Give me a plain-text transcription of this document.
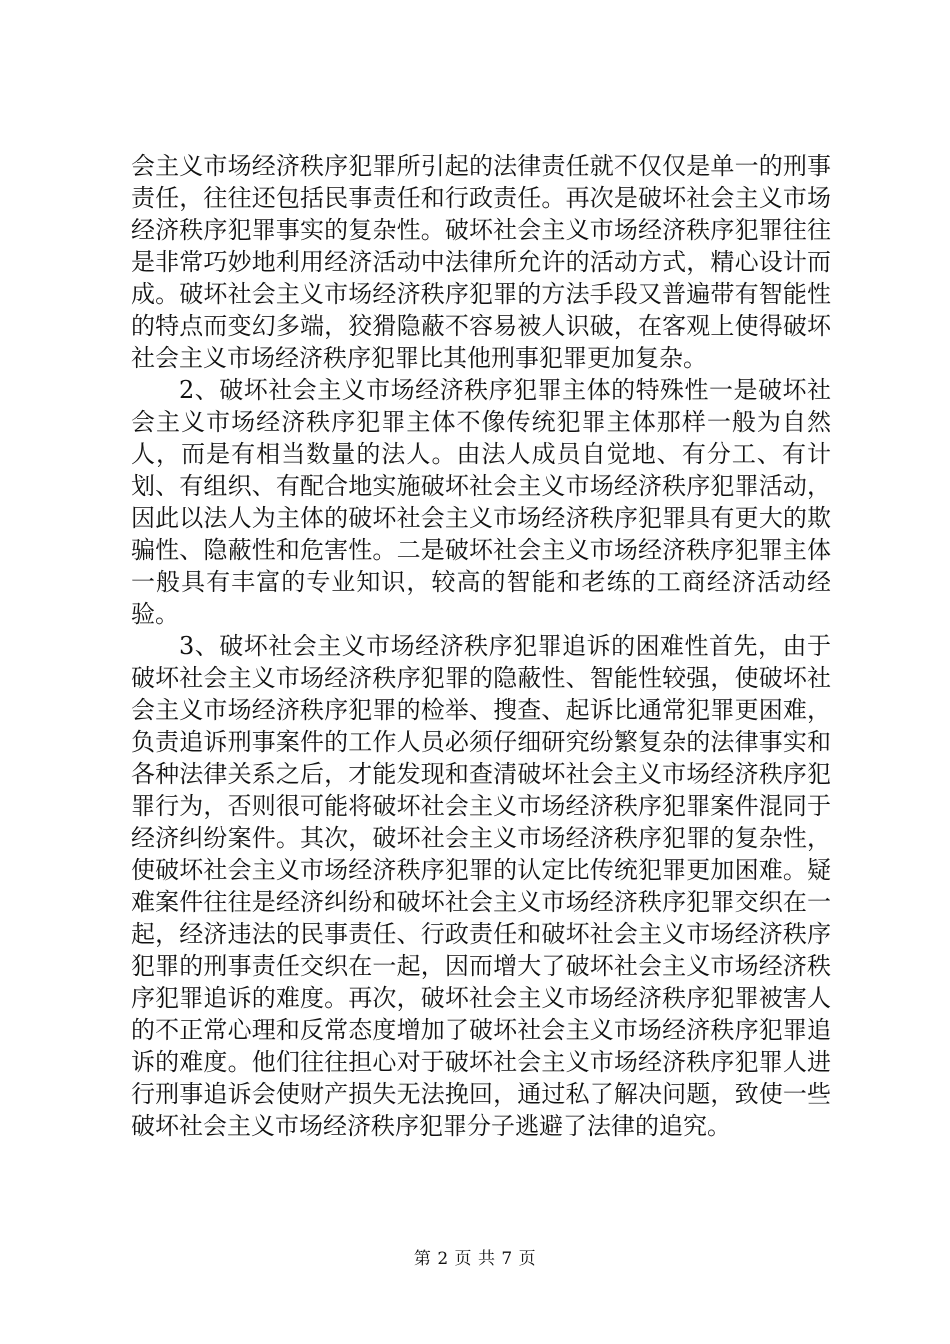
会主义市场经济秩序犯罪所引起的法律责任就不仅仅是单一的刑事责任，往往还包括民事责任和行政责任。再次是破坏社会主义市场经济秩序犯罪事实的复杂性。破坏社会主义市场经济秩序犯罪往往是非常巧妙地利用经济活动中法律所允许的活动方式，精心设计而成。破坏社会主义市场经济秩序犯罪的方法手段又普遍带有智能性的特点而变幻多端，狡猾隐蔽不容易被人识破，在客观上使得破坏社会主义市场经济秩序犯罪比其他刑事犯罪更加复杂。

2、破坏社会主义市场经济秩序犯罪主体的特殊性一是破坏社会主义市场经济秩序犯罪主体不像传统犯罪主体那样一般为自然人，而是有相当数量的法人。由法人成员自觉地、有分工、有计划、有组织、有配合地实施破坏社会主义市场经济秩序犯罪活动，因此以法人为主体的破坏社会主义市场经济秩序犯罪具有更大的欺骗性、隐蔽性和危害性。二是破坏社会主义市场经济秩序犯罪主体一般具有丰富的专业知识，较高的智能和老练的工商经济活动经验。

3、破坏社会主义市场经济秩序犯罪追诉的困难性首先，由于破坏社会主义市场经济秩序犯罪的隐蔽性、智能性较强，使破坏社会主义市场经济秩序犯罪的检举、搜查、起诉比通常犯罪更困难，负责追诉刑事案件的工作人员必须仔细研究纷繁复杂的法律事实和各种法律关系之后，才能发现和查清破坏社会主义市场经济秩序犯罪行为，否则很可能将破坏社会主义市场经济秩序犯罪案件混同于经济纠纷案件。其次，破坏社会主义市场经济秩序犯罪的复杂性，使破坏社会主义市场经济秩序犯罪的认定比传统犯罪更加困难。疑难案件往往是经济纠纷和破坏社会主义市场经济秩序犯罪交织在一起，经济违法的民事责任、行政责任和破坏社会主义市场经济秩序犯罪的刑事责任交织在一起，因而增大了破坏社会主义市场经济秩序犯罪追诉的难度。再次，破坏社会主义市场经济秩序犯罪被害人的不正常心理和反常态度增加了破坏社会主义市场经济秩序犯罪追诉的难度。他们往往担心对于破坏社会主义市场经济秩序犯罪人进行刑事追诉会使财产损失无法挽回，通过私了解决问题，致使一些破坏社会主义市场经济秩序犯罪分子逃避了法律的追究。

第 2 页 共 7 页
